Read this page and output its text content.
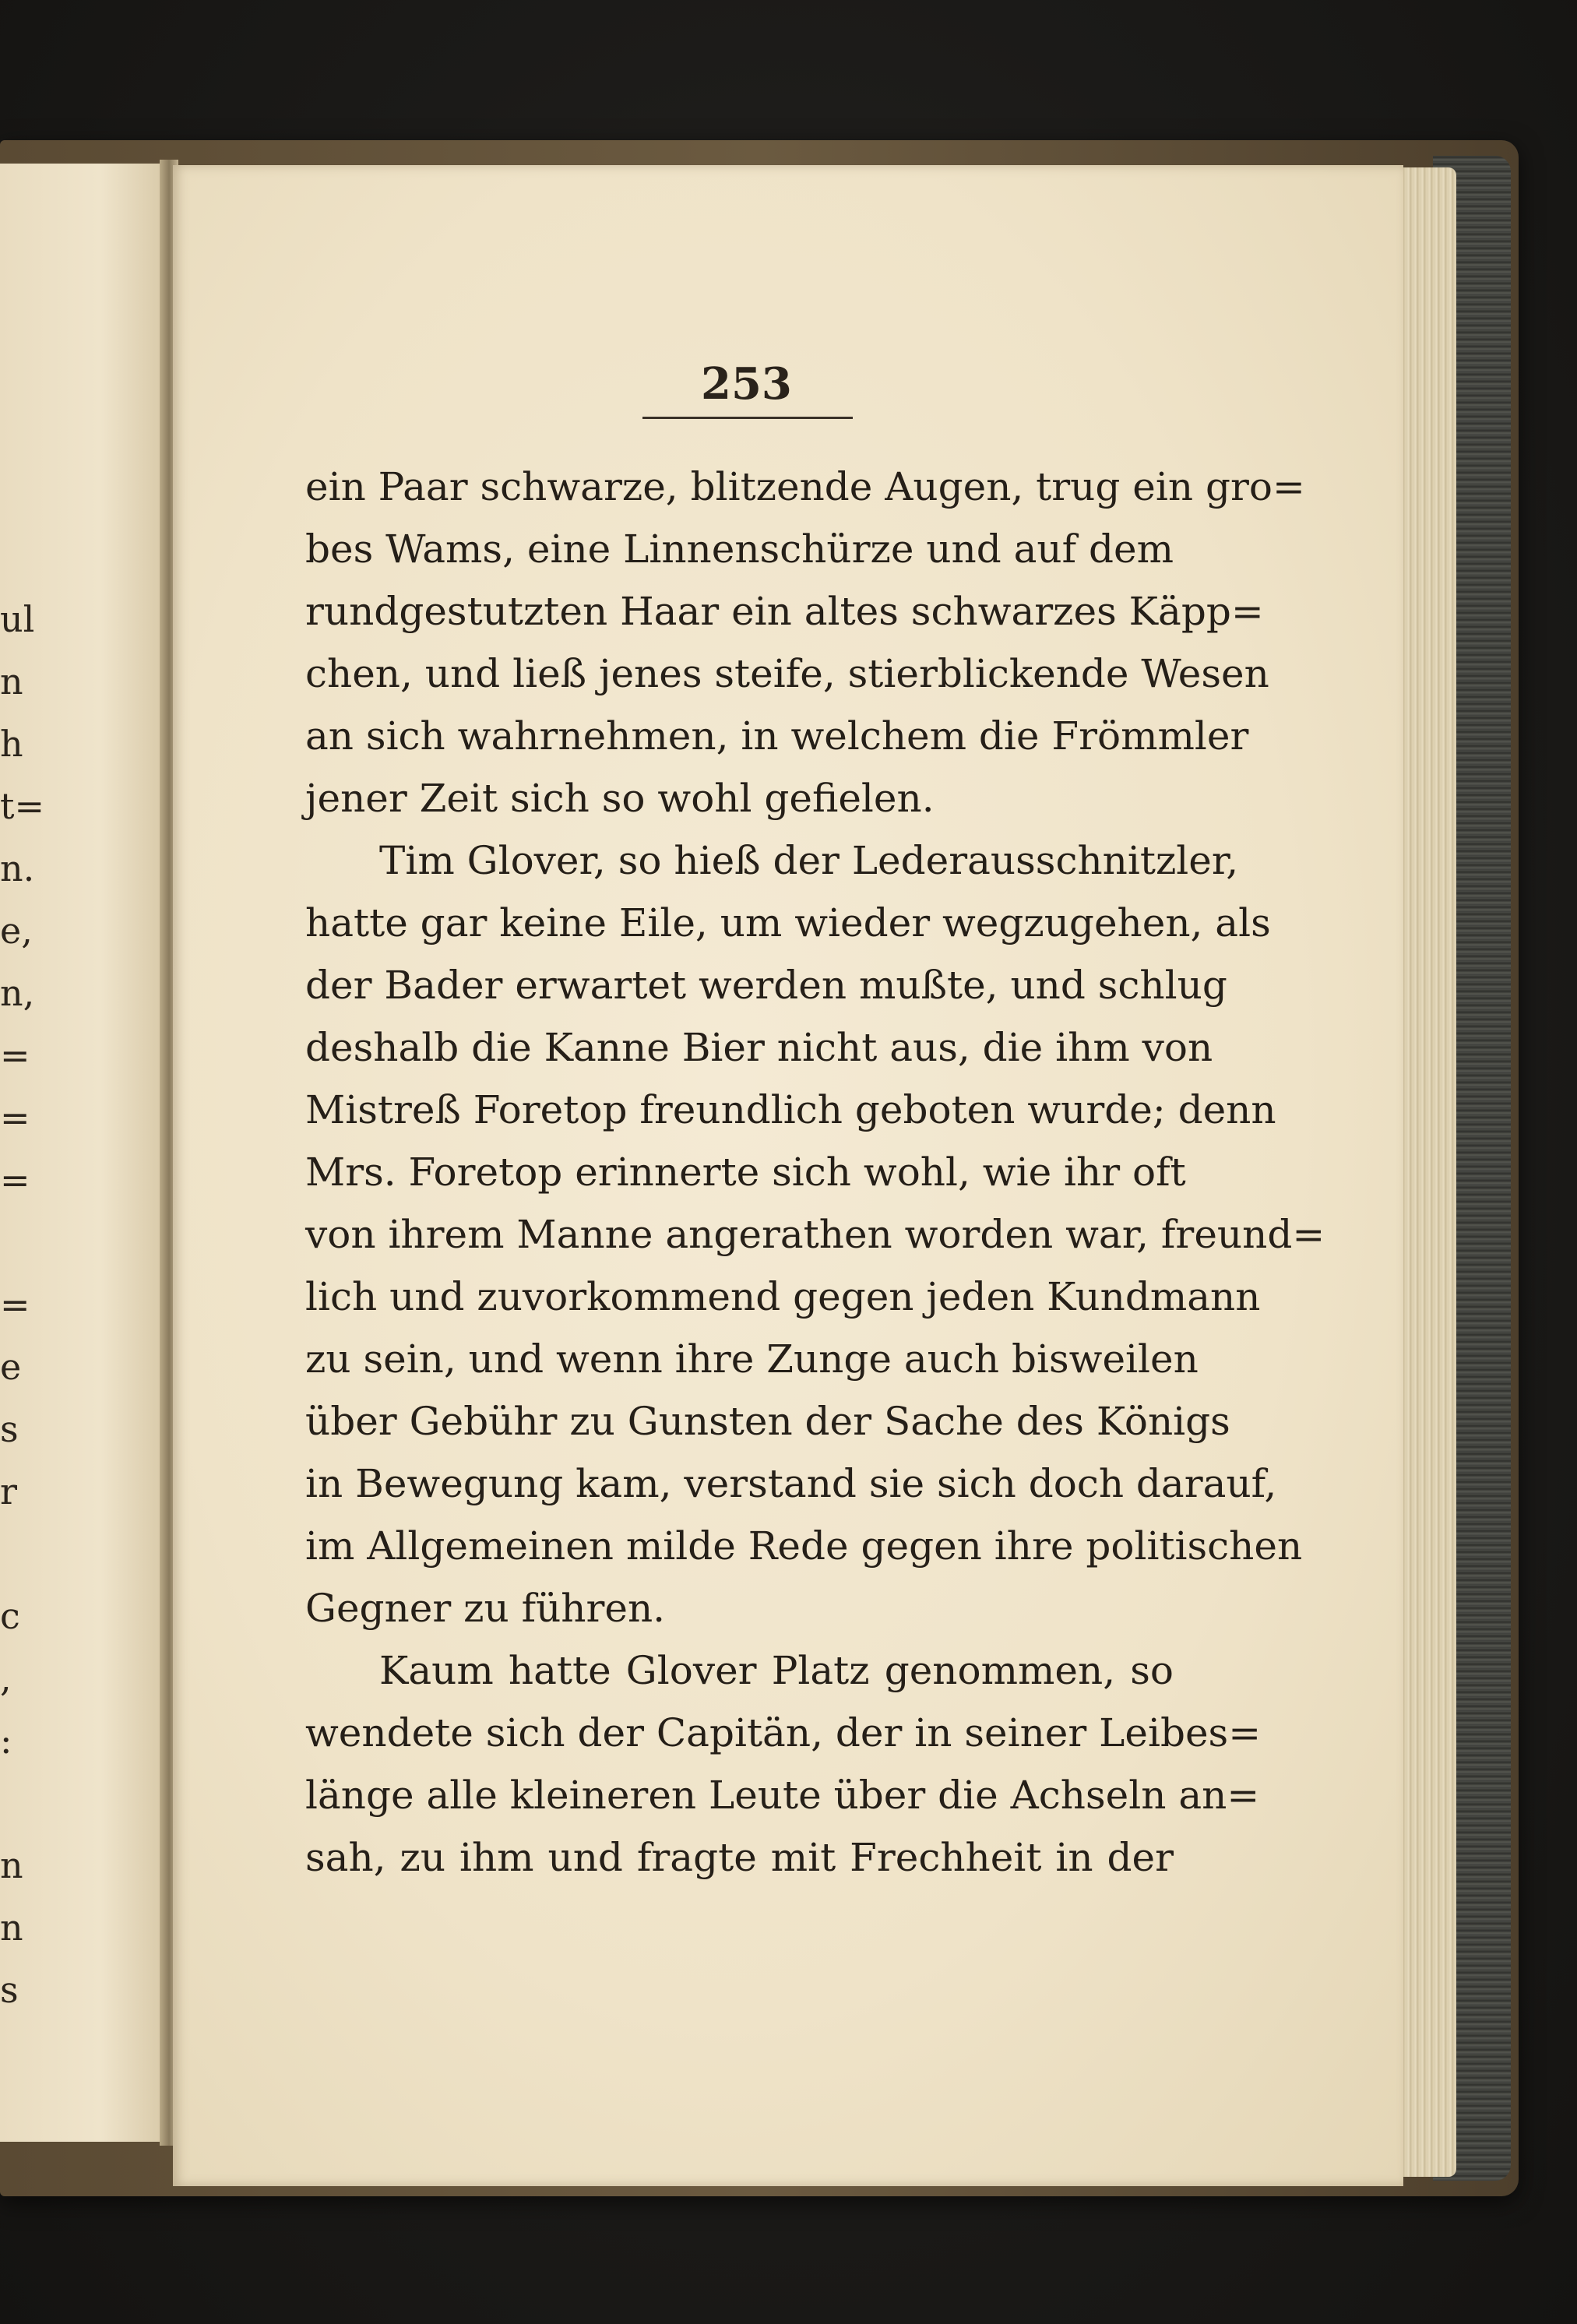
ul
n
h
t=
n.
e,
n,
=
=
=
=
e
s
r
c
,
:
n
n
s
253
ein Paar schwarze, blitzende Augen, trug ein gro=
bes Wams, eine Linnenschürze und auf dem
rundgestutzten Haar ein altes schwarzes Käpp=
chen, und ließ jenes steife, stierblickende Wesen
an sich wahrnehmen, in welchem die Frömmler
jener Zeit sich so wohl gefielen.
Tim Glover, so hieß der Lederausschnitzler,
hatte gar keine Eile, um wieder wegzugehen, als
der Bader erwartet werden mußte, und schlug
deshalb die Kanne Bier nicht aus, die ihm von
Mistreß Foretop freundlich geboten wurde; denn
Mrs. Foretop erinnerte sich wohl, wie ihr oft
von ihrem Manne angerathen worden war, freund=
lich und zuvorkommend gegen jeden Kundmann
zu sein, und wenn ihre Zunge auch bisweilen
über Gebühr zu Gunsten der Sache des Königs
in Bewegung kam, verstand sie sich doch darauf,
im Allgemeinen milde Rede gegen ihre politischen
Gegner zu führen.
Kaum hatte Glover Platz genommen, so
wendete sich der Capitän, der in seiner Leibes=
länge alle kleineren Leute über die Achseln an=
sah, zu ihm und fragte mit Frechheit in der
